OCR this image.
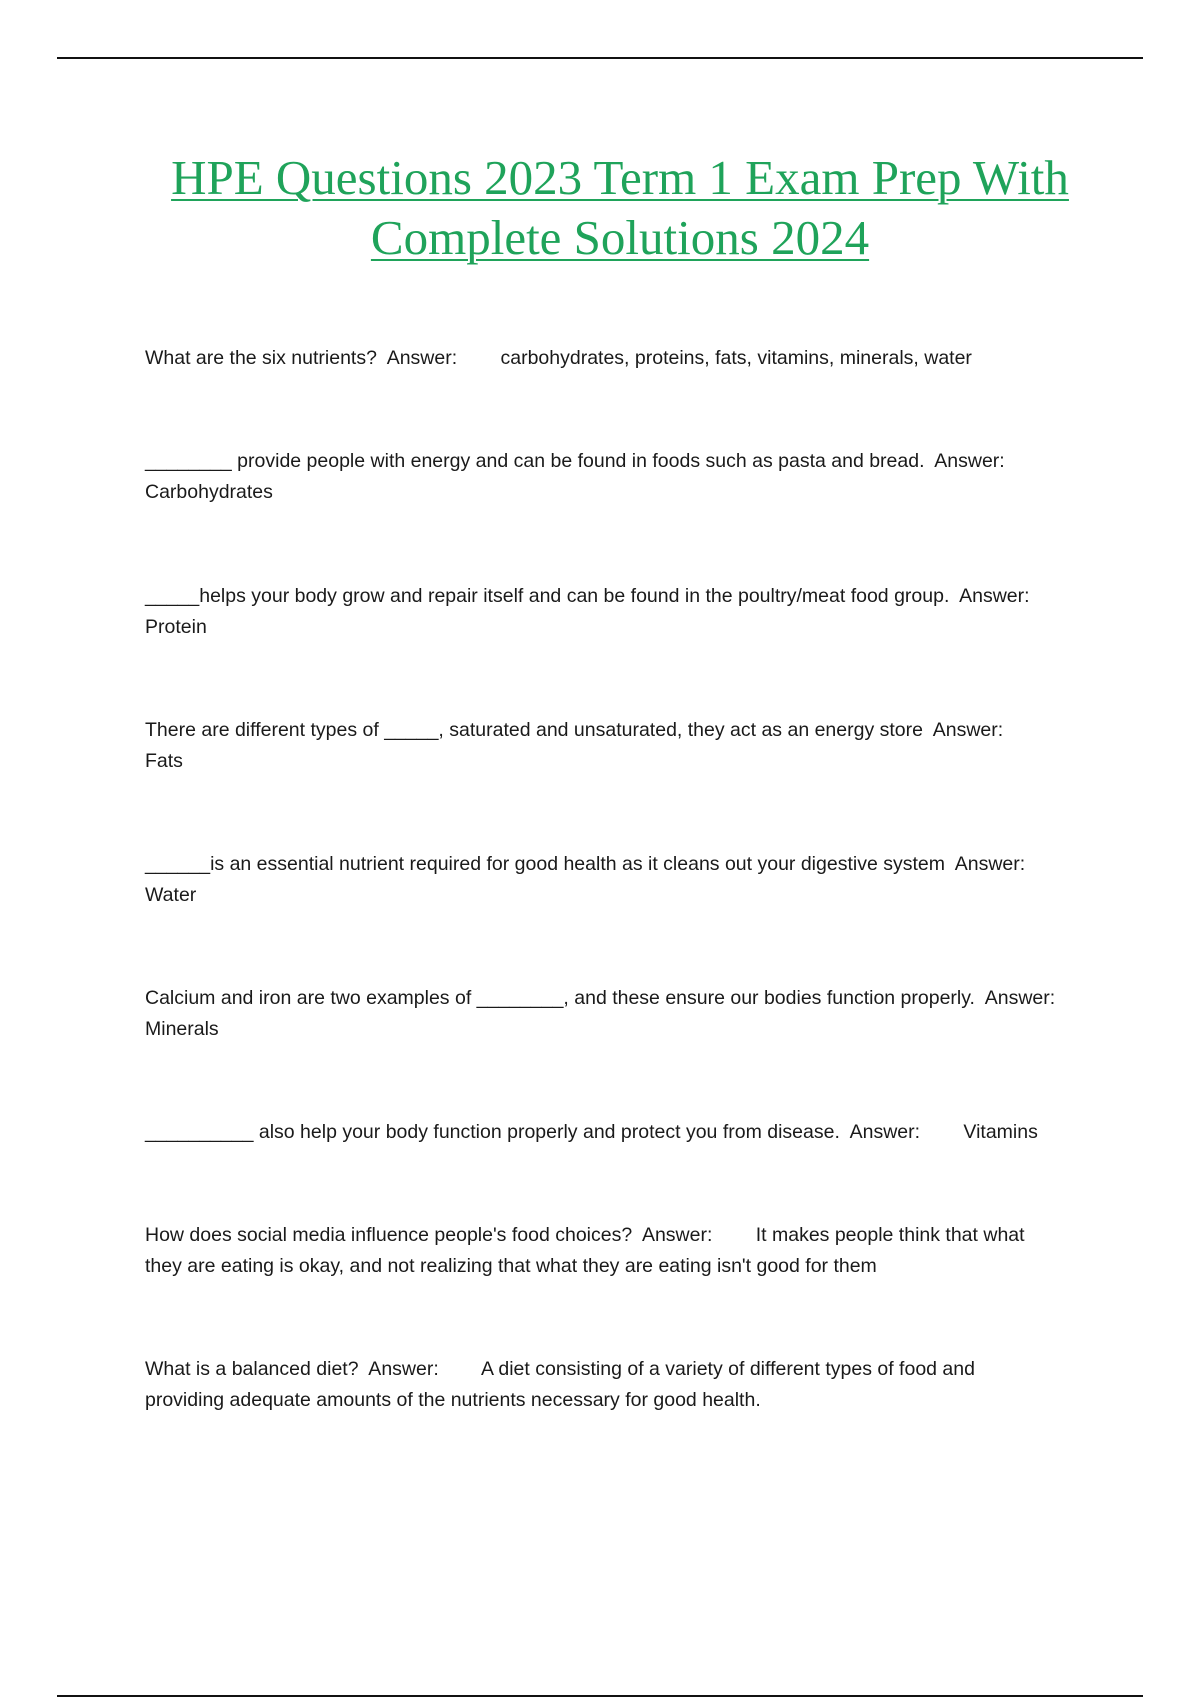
HPE Questions 2023 Term 1 Exam Prep With Complete Solutions 2024

What are the six nutrients?  Answer:        carbohydrates, proteins, fats, vitamins, minerals, water

________ provide people with energy and can be found in foods such as pasta and bread.  Answer:
Carbohydrates

_____helps your body grow and repair itself and can be found in the poultry/meat food group.  Answer:
Protein

There are different types of _____, saturated and unsaturated, they act as an energy store  Answer:
Fats

______is an essential nutrient required for good health as it cleans out your digestive system  Answer:
Water

Calcium and iron are two examples of ________, and these ensure our bodies function properly.  Answer:
Minerals

__________ also help your body function properly and protect you from disease.  Answer:        Vitamins

How does social media influence people's food choices?  Answer:        It makes people think that what
they are eating is okay, and not realizing that what they are eating isn't good for them

What is a balanced diet?  Answer:        A diet consisting of a variety of different types of food and
providing adequate amounts of the nutrients necessary for good health.
